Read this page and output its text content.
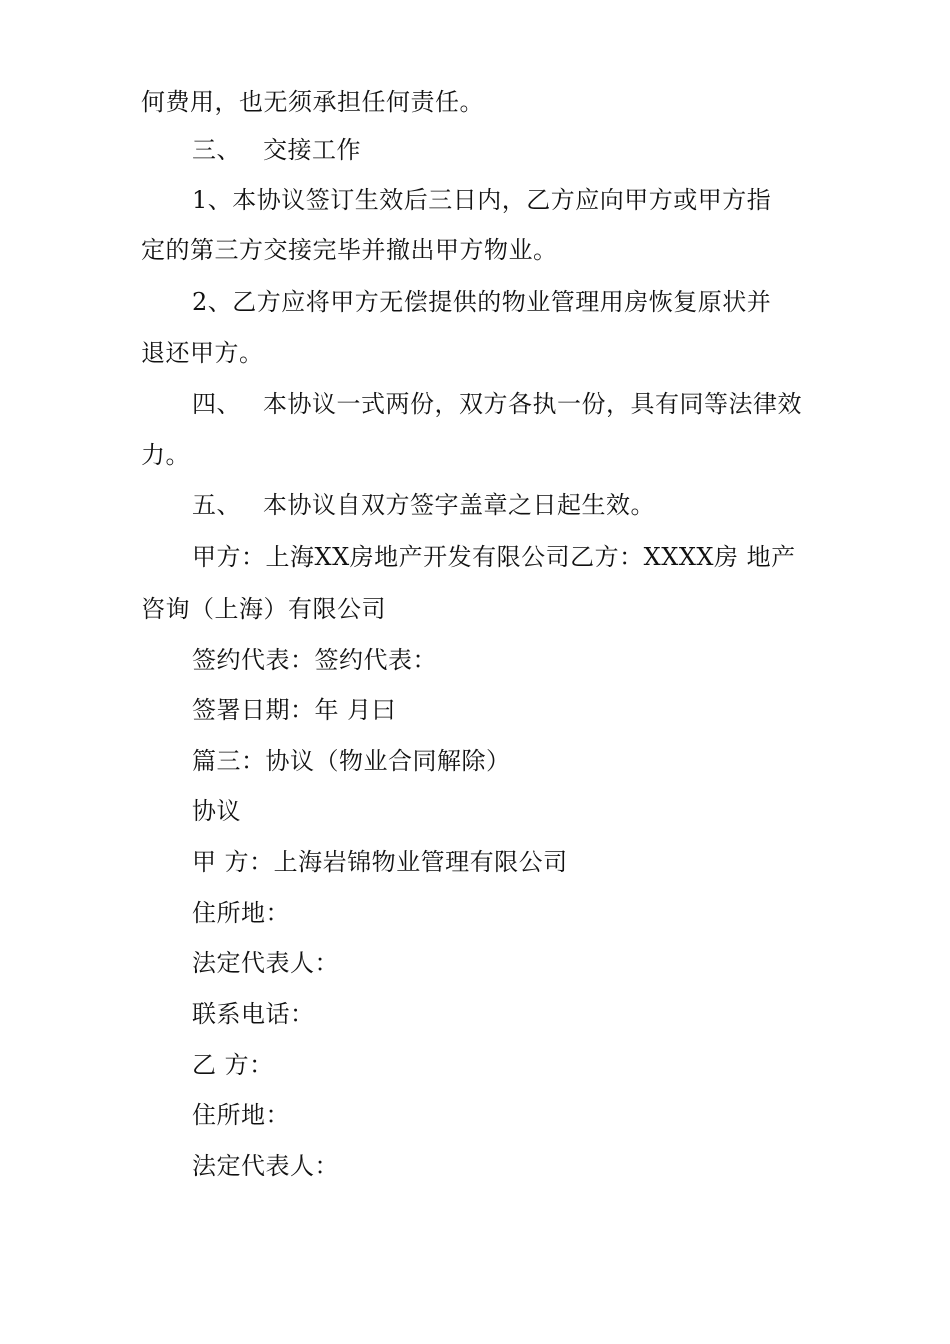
何费用，也无须承担任何责任。
三、 交接工作
1、本协议签订生效后三日内，乙方应向甲方或甲方指
定的第三方交接完毕并撤出甲方物业。
2、乙方应将甲方无偿提供的物业管理用房恢复原状并
退还甲方。
四、 本协议一式两份，双方各执一份，具有同等法律效
力。
五、 本协议自双方签字盖章之日起生效。
甲方：上海XX房地产开发有限公司乙方：XXXX房 地产
咨询（上海）有限公司
签约代表：签约代表：
签署日期：年 月曰
篇三：协议（物业合同解除）
协议
甲 方：上海岩锦物业管理有限公司
住所地：
法定代表人：
联系电话：
乙 方：
住所地：
法定代表人：
